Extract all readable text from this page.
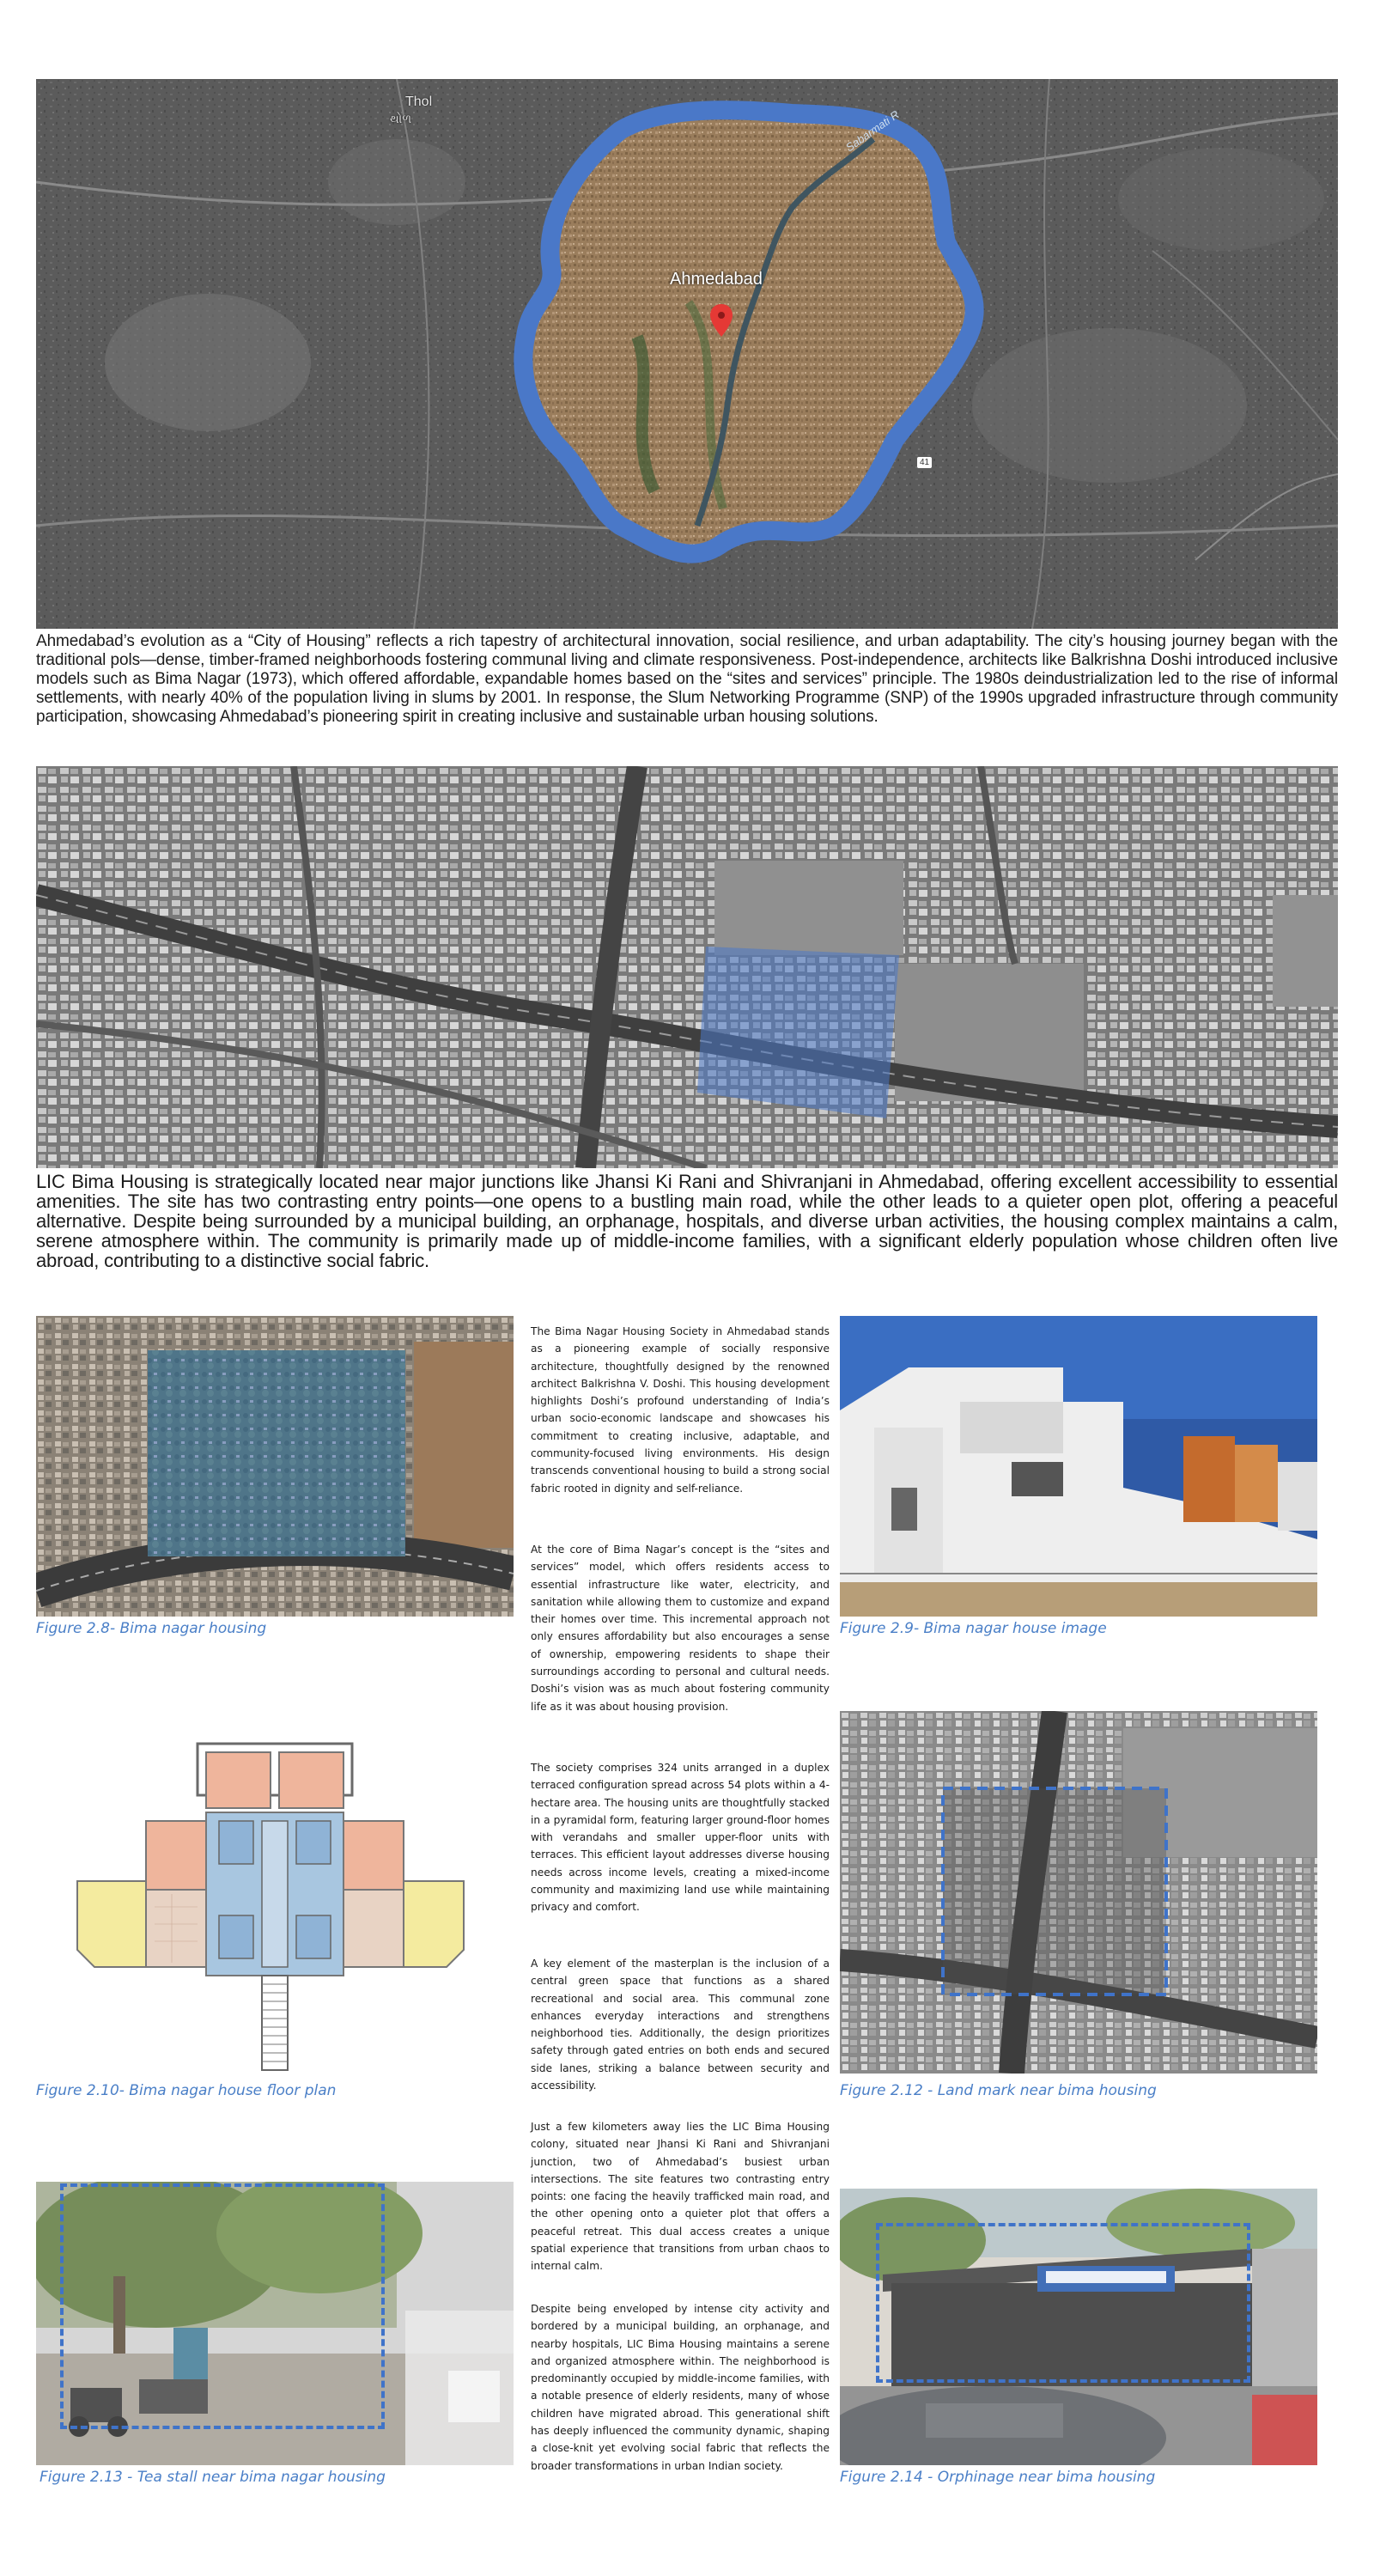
Ahmedabad
Thol
થોળ	Sabarmati R
41

Ahmedabad’s evolution as a “City of Housing” reflects a rich tapestry of architectural innovation, social resilience, and urban adaptability. The city’s housing journey began with the traditional pols—dense, timber-framed neighborhoods fostering communal living and climate responsiveness. Post-independence, architects like Balkrishna Doshi introduced inclusive models such as Bima Nagar (1973), which offered affordable, expandable homes based on the “sites and services” principle. The 1980s deindustrialization led to the rise of informal settlements, with nearly 40% of the population living in slums by 2001. In response, the Slum Networking Programme (SNP) of the 1990s upgraded infrastructure through community participation, showcasing Ahmedabad’s pioneering spirit in creating inclusive and sustainable urban housing solutions.

LIC Bima Housing is strategically located near major junctions like Jhansi Ki Rani and Shivranjani in Ahmedabad, offering excellent accessibility to essential amenities. The site has two contrasting entry points—one opens to a bustling main road, while the other leads to a quieter open plot, offering a peaceful alternative. Despite being surrounded by a municipal building, an orphanage, hospitals, and diverse urban activities, the housing complex maintains a calm, serene atmosphere within. The community is primarily made up of middle-income families, with a significant elderly population whose children often live abroad, contributing to a distinctive social fabric.

Figure 2.8- Bima nagar housing

Figure 2.10- Bima nagar house floor plan

Figure 2.13 - Tea stall near bima nagar housing

The Bima Nagar Housing Society in Ahmedabad stands as a pioneering example of socially responsive architecture, thoughtfully designed by the renowned architect Balkrishna V. Doshi. This housing development highlights Doshi’s profound understanding of India’s urban socio-economic landscape and showcases his commitment to creating inclusive, adaptable, and community-focused living environments. His design transcends conventional housing to build a strong social fabric rooted in dignity and self-reliance.

At the core of Bima Nagar’s concept is the “sites and services” model, which offers residents access to essential infrastructure like water, electricity, and sanitation while allowing them to customize and expand their homes over time. This incremental approach not only ensures affordability but also encourages a sense of ownership, empowering residents to shape their surroundings according to personal and cultural needs. Doshi’s vision was as much about fostering community life as it was about housing provision.

The society comprises 324 units arranged in a duplex terraced configuration spread across 54 plots within a 4-hectare area. The housing units are thoughtfully stacked in a pyramidal form, featuring larger ground-floor homes with verandahs and smaller upper-floor units with terraces. This efficient layout addresses diverse housing needs across income levels, creating a mixed-income community and maximizing land use while maintaining privacy and comfort.

A key element of the masterplan is the inclusion of a central green space that functions as a shared recreational and social area. This communal zone enhances everyday interactions and strengthens neighborhood ties. Additionally, the design prioritizes safety through gated entries on both ends and secured side lanes, striking a balance between security and accessibility.

Just a few kilometers away lies the LIC Bima Housing colony, situated near Jhansi Ki Rani and Shivranjani junction, two of Ahmedabad’s busiest urban intersections. The site features two contrasting entry points: one facing the heavily trafficked main road, and the other opening onto a quieter plot that offers a peaceful retreat. This dual access creates a unique spatial experience that transitions from urban chaos to internal calm.

Despite being enveloped by intense city activity and bordered by a municipal building, an orphanage, and nearby hospitals, LIC Bima Housing maintains a serene and organized atmosphere within. The neighborhood is predominantly occupied by middle-income families, with a notable presence of elderly residents, many of whose children have migrated abroad. This generational shift has deeply influenced the community dynamic, shaping a close-knit yet evolving social fabric that reflects the broader transformations in urban Indian society.

Figure 2.9- Bima nagar house image

Figure 2.12 - Land mark near bima housing

Figure 2.14 - Orphinage near bima housing
